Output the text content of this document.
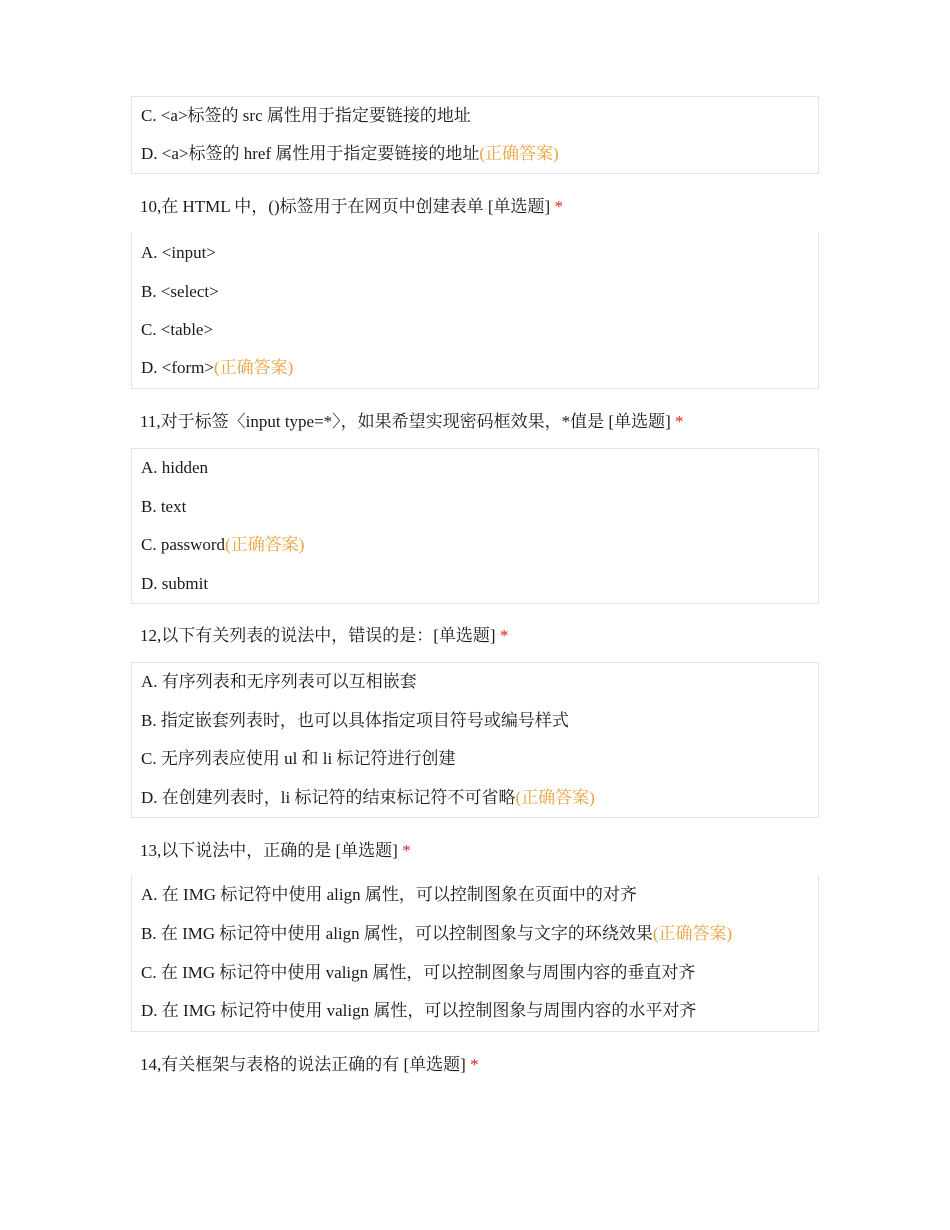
C. <a>标签的 src 属性用于指定要链接的地址
D. <a>标签的 href 属性用于指定要链接的地址(正确答案)
10,在 HTML 中，()标签用于在网页中创建表单 [单选题] *
A. <input>
B. <select>
C. <table>
D. <form>(正确答案)
11,对于标签〈input type=*〉，如果希望实现密码框效果，*值是 [单选题] *
A. hidden
B. text
C. password(正确答案)
D. submit
12,以下有关列表的说法中，错误的是：[单选题] *
A. 有序列表和无序列表可以互相嵌套
B. 指定嵌套列表时，也可以具体指定项目符号或编号样式
C. 无序列表应使用 ul 和 li 标记符进行创建
D. 在创建列表时，li 标记符的结束标记符不可省略(正确答案)
13,以下说法中，正确的是 [单选题] *
A. 在 IMG 标记符中使用 align 属性，可以控制图象在页面中的对齐
B. 在 IMG 标记符中使用 align 属性，可以控制图象与文字的环绕效果(正确答案)
C. 在 IMG 标记符中使用 valign 属性，可以控制图象与周围内容的垂直对齐
D. 在 IMG 标记符中使用 valign 属性，可以控制图象与周围内容的水平对齐
14,有关框架与表格的说法正确的有 [单选题] *
